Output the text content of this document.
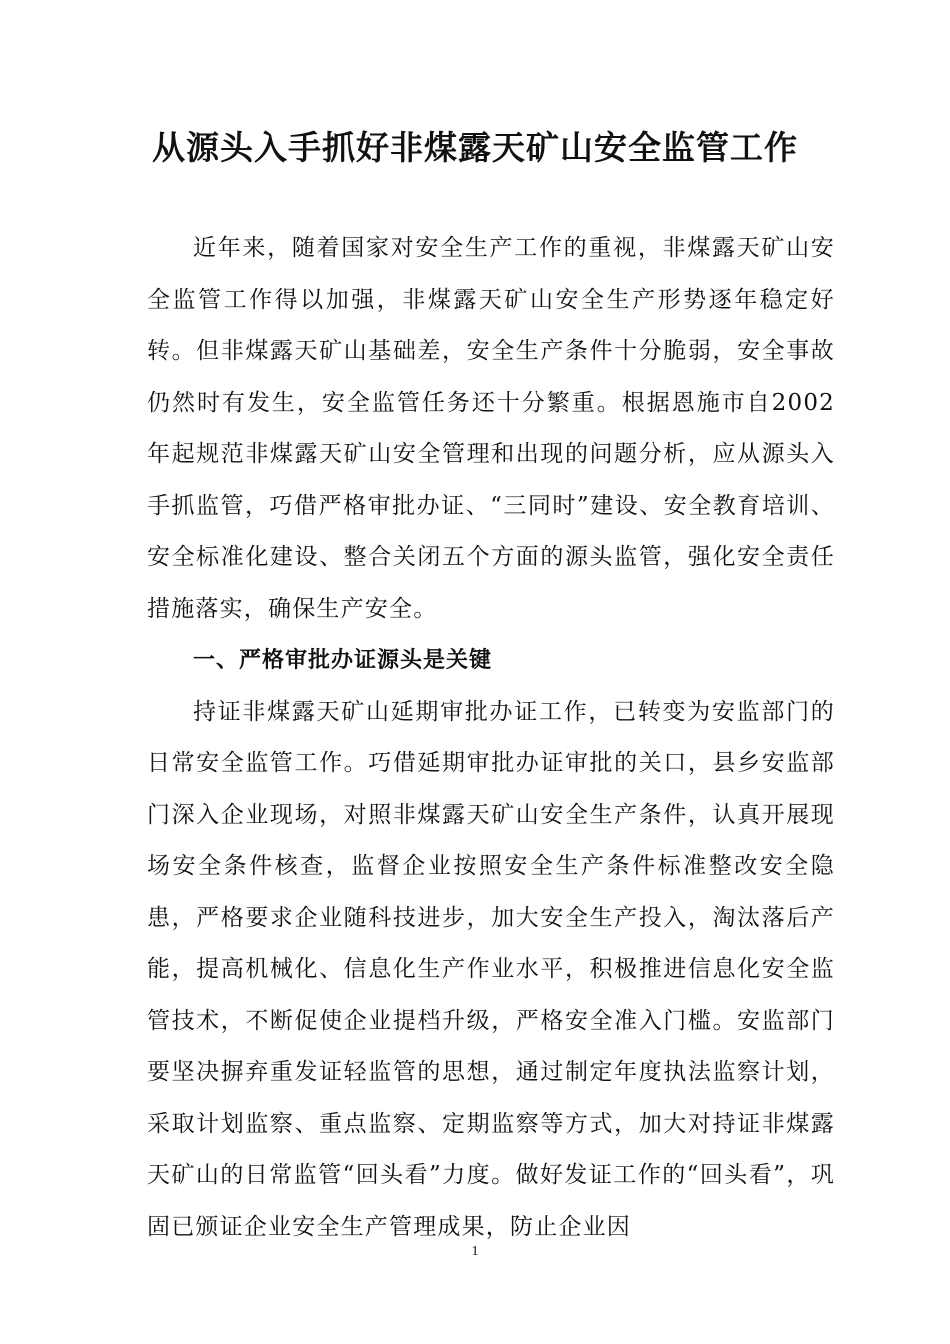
从源头入手抓好非煤露天矿山安全监管工作

近年来，随着国家对安全生产工作的重视，非煤露天矿山安全监管工作得以加强，非煤露天矿山安全生产形势逐年稳定好转。但非煤露天矿山基础差，安全生产条件十分脆弱，安全事故仍然时有发生，安全监管任务还十分繁重。根据恩施市自2002年起规范非煤露天矿山安全管理和出现的问题分析，应从源头入手抓监管，巧借严格审批办证、“三同时”建设、安全教育培训、安全标准化建设、整合关闭五个方面的源头监管，强化安全责任措施落实，确保生产安全。

一、严格审批办证源头是关键

持证非煤露天矿山延期审批办证工作，已转变为安监部门的日常安全监管工作。巧借延期审批办证审批的关口，县乡安监部门深入企业现场，对照非煤露天矿山安全生产条件，认真开展现场安全条件核查，监督企业按照安全生产条件标准整改安全隐患，严格要求企业随科技进步，加大安全生产投入，淘汰落后产能，提高机械化、信息化生产作业水平，积极推进信息化安全监管技术，不断促使企业提档升级，严格安全准入门槛。安监部门要坚决摒弃重发证轻监管的思想，通过制定年度执法监察计划，采取计划监察、重点监察、定期监察等方式，加大对持证非煤露天矿山的日常监管“回头看”力度。做好发证工作的“回头看”，巩固已颁证企业安全生产管理成果，防止企业因

1
